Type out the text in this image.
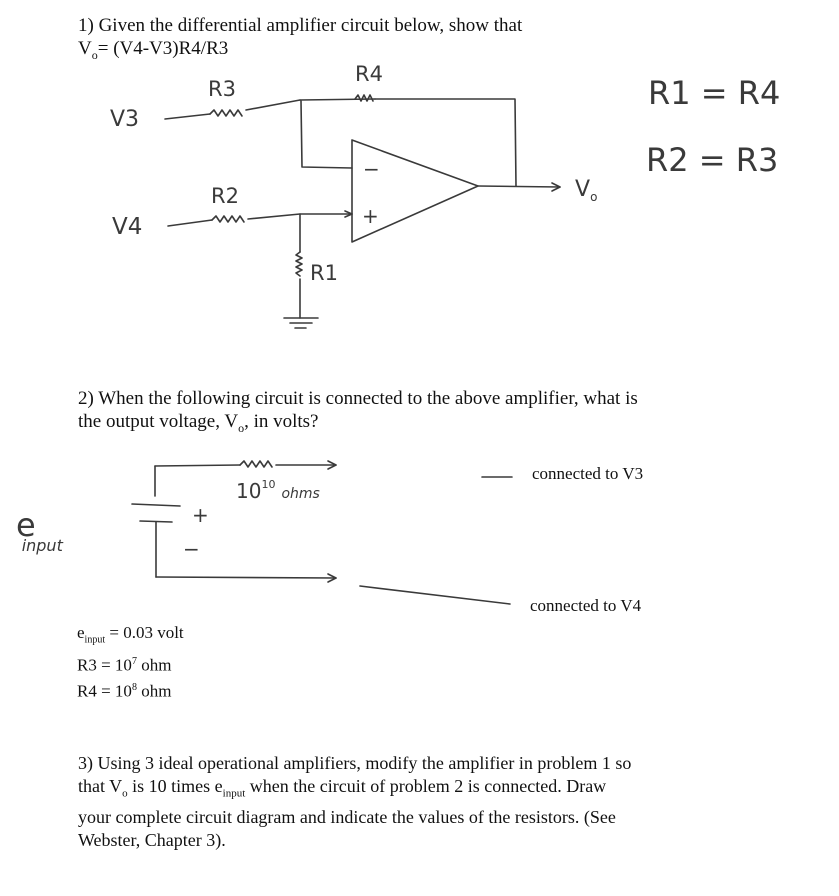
1) Given the differential amplifier circuit below, show that
$V_o= (V4-V3)R4/R3$
V3
R3
R4
V4
R2
R1
−
+
$V_o$
R1 = R4
R2 = R3
+
−
$10^{10}_{ohms}$
e input
2) When the following circuit is connected to the above amplifier, what is
the output voltage, $V_o$, in volts?
connected to V3
connected to V4
$e_{input} = 0.03$ volt
$R3 = 10^7$ ohm
$R4 = 10^8$ ohm
3) Using 3 ideal operational amplifiers, modify the amplifier in problem 1 so
that $V_o$ is 10 times $e_{input}$ when the circuit of problem 2 is connected. Draw
your complete circuit diagram and indicate the values of the resistors. (See
Webster, Chapter 3).
